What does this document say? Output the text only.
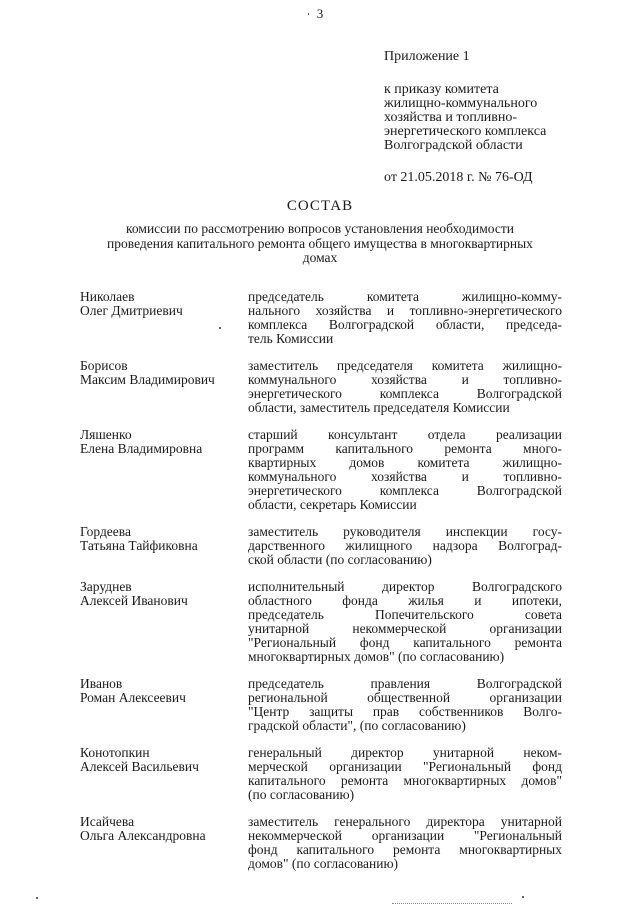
3
Приложение 1
к приказу комитета
жилищно-коммунального
хозяйства и топливно-
энергетического комплекса
Волгоградской области
от 21.05.2018 г. № 76-ОД
СОСТАВ
комиссии по рассмотрению вопросов установления необходимости
проведения капитального ремонта общего имущества в многоквартирных
домах
Николаев
Олег Дмитриевич
председатель комитета жилищно-комму-
нального хозяйства и топливно-энергетического
комплекса Волгоградской области, председа-
тель Комиссии
Борисов
Максим Владимирович
заместитель председателя комитета жилищно-
коммунального хозяйства и топливно-
энергетического комплекса Волгоградской
области, заместитель председателя Комиссии
Ляшенко
Елена Владимировна
старший консультант отдела реализации
программ капитального ремонта много-
квартирных домов комитета жилищно-
коммунального хозяйства и топливно-
энергетического комплекса Волгоградской
области, секретарь Комиссии
Гордеева
Татьяна Тайфиковна
заместитель руководителя инспекции госу-
дарственного жилищного надзора Волгоград-
ской области (по согласованию)
Заруднев
Алексей Иванович
исполнительный директор Волгоградского
областного фонда жилья и ипотеки,
председатель Попечительского совета
унитарной некоммерческой организации
"Региональный фонд капитального ремонта
многоквартирных домов" (по согласованию)
Иванов
Роман Алексеевич
председатель правления Волгоградской
региональной общественной организации
"Центр защиты прав собственников Волго-
градской области", (по согласованию)
Конотопкин
Алексей Васильевич
генеральный директор унитарной неком-
мерческой организации "Региональный фонд
капитального ремонта многоквартирных домов"
(по согласованию)
Исайчева
Ольга Александровна
заместитель генерального директора унитарной
некоммерческой организации "Региональный
фонд капитального ремонта многоквартирных
домов" (по согласованию)
